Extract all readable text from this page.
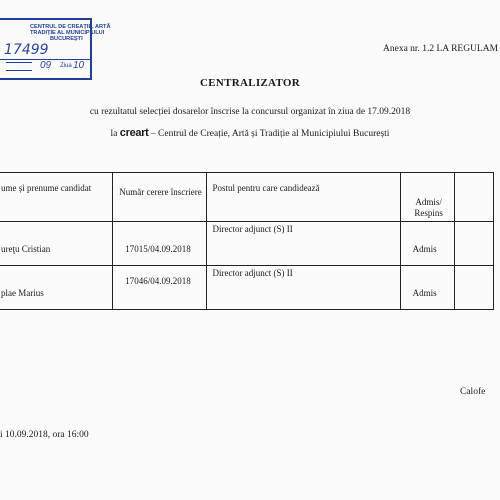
CENTRUL DE CREAȚIE, ARTĂ
TRADIȚIE AL MUNICIPIULUI
BUCUREȘTI
17499
09 Ziua 10
Anexa nr. 1.2 LA REGULAM
CENTRALIZATOR
cu rezultatul selecției dosarelor înscrise la concursul organizat în ziua de 17.09.2018
la creart – Centrul de Creație, Artă și Tradiție al Municipiului București
ume și prenume candidat	Număr cerere înscriere	Postul pentru care candidează	Admis/ Respins	

ureţu Cristian	17015/04.09.2018	Director adjunct (S) II	Admis	

plae Marius	17046/04.09.2018	Director adjunct (S) II	Admis	

Calofe
i 10.09.2018, ora 16:00
